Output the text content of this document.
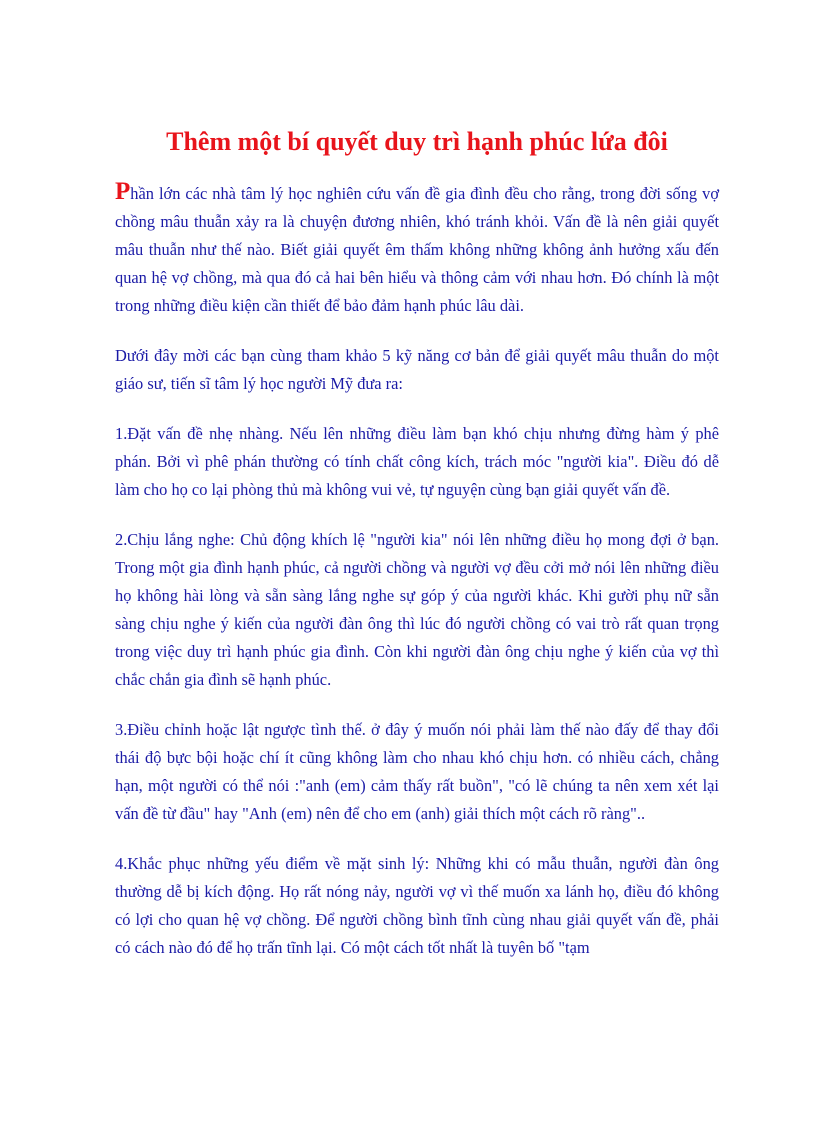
Thêm một bí quyết duy trì hạnh phúc lứa đôi

Phần lớn các nhà tâm lý học nghiên cứu vấn đề gia đình đều cho rằng, trong đời sống vợ chồng mâu thuẫn xảy ra là chuyện đương nhiên, khó tránh khỏi. Vấn đề là nên giải quyết mâu thuẫn như thế nào. Biết giải quyết êm thấm không những không ảnh hưởng xấu đến quan hệ vợ chồng, mà qua đó cả hai bên hiểu và thông cảm với nhau hơn. Đó chính là một trong những điều kiện cần thiết để bảo đảm hạnh phúc lâu dài.

Dưới đây mời các bạn cùng tham khảo 5 kỹ năng cơ bản để giải quyết mâu thuẫn do một giáo sư, tiến sĩ tâm lý học người Mỹ đưa ra:

1.Đặt vấn đề nhẹ nhàng. Nếu lên những điều làm bạn khó chịu nhưng đừng hàm ý phê phán. Bởi vì phê phán thường có tính chất công kích, trách móc "người kia". Điều đó dễ làm cho họ co lại phòng thủ mà không vui vẻ, tự nguyện cùng bạn giải quyết vấn đề.

2.Chịu lắng nghe: Chủ động khích lệ "người kia" nói lên những điều họ mong đợi ở bạn. Trong một gia đình hạnh phúc, cả người chồng và người vợ đều cởi mở nói lên những điều họ không hài lòng và sẵn sàng lắng nghe sự góp ý của người khác. Khi gười phụ nữ sẵn sàng chịu nghe ý kiến của người đàn ông thì lúc đó người chồng có vai trò rất quan trọng trong việc duy trì hạnh phúc gia đình. Còn khi người đàn ông chịu nghe ý kiến của vợ thì chắc chắn gia đình sẽ hạnh phúc.

3.Điều chỉnh hoặc lật ngược tình thế. ở đây ý muốn nói phải làm thế nào đấy để thay đổi thái độ bực bội hoặc chí ít cũng không làm cho nhau khó chịu hơn. có nhiều cách, chẳng hạn, một người có thể nói :"anh (em) cảm thấy rất buồn", "có lẽ chúng ta nên xem xét lại vấn đề từ đầu" hay "Anh (em) nên để cho em (anh) giải thích một cách rõ ràng"..

4.Khắc phục những yếu điểm về mặt sinh lý: Những khi có mẫu thuẫn, người đàn ông thường dễ bị kích động. Họ rất nóng nảy, người vợ vì thế muốn xa lánh họ, điều đó không có lợi cho quan hệ vợ chồng. Để người chồng bình tĩnh cùng nhau giải quyết vấn đề, phải có cách nào đó để họ trấn tĩnh lại. Có một cách tốt nhất là tuyên bố "tạm
